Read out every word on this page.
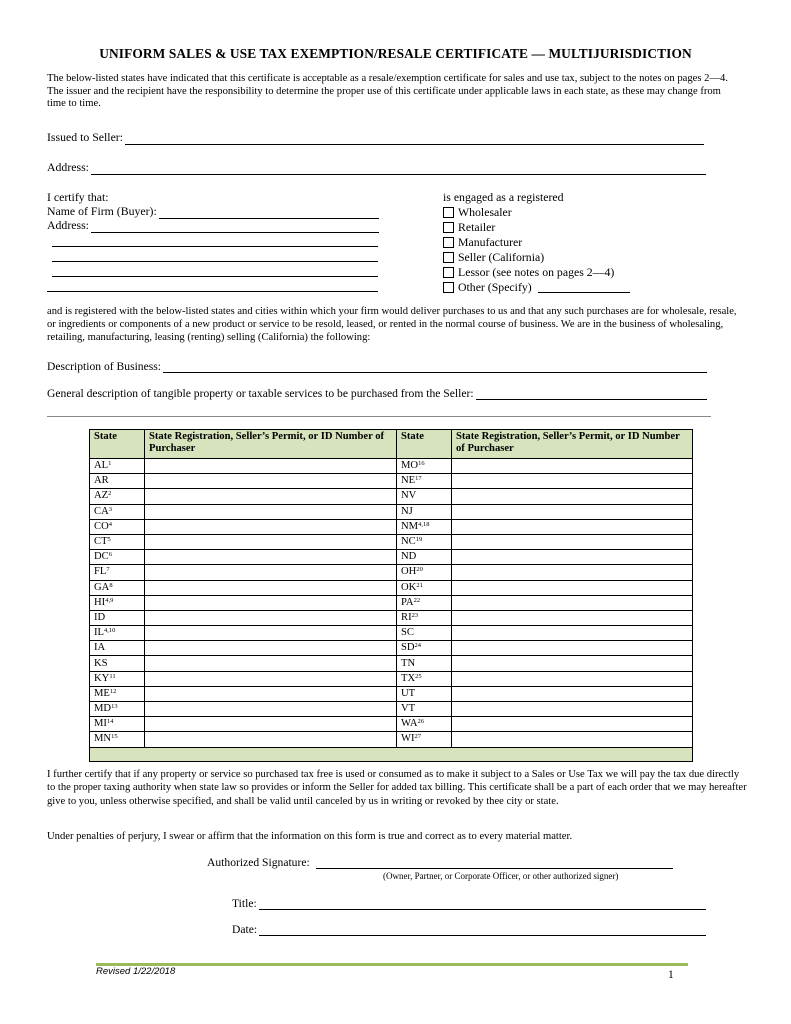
UNIFORM SALES & USE TAX EXEMPTION/RESALE CERTIFICATE — MULTIJURISDICTION
The below-listed states have indicated that this certificate is acceptable as a resale/exemption certificate for sales and use tax, subject to the notes on pages 2—4. The issuer and the recipient have the responsibility to determine the proper use of this certificate under applicable laws in each state, as these may change from time to time.
Issued to Seller:
Address:
I certify that:
Name of Firm (Buyer):
Address:
is engaged as a registered
Wholesaler
Retailer
Manufacturer
Seller (California)
Lessor (see notes on pages 2—4)
Other (Specify)
and is registered with the below-listed states and cities within which your firm would deliver purchases to us and that any such purchases are for wholesale, resale, or ingredients or components of a new product or service to be resold, leased, or rented in the normal course of business. We are in the business of wholesaling, retailing, manufacturing, leasing (renting) selling (California) the following:
Description of Business:
General description of tangible property or taxable services to be purchased from the Seller:
State	State Registration, Seller’s Permit, or ID Number of Purchaser	State	State Registration, Seller’s Permit, or ID Number of Purchaser
$AL^1$		MO$^{16}$	
AR		NE$^{17}$	
$AZ^2$		NV	
$CA^3$		NJ	
$CO^4$		NM$^{4,18}$	
$CT^5$		NC$^{19}$	
$DC^6$		ND	
$FL^7$		OH$^{20}$	
$GA^8$		OK$^{21}$	
HI$^{4,9}$		PA$^{22}$	
ID		RI$^{23}$	
IL$^{4,10}$		SC	
IA		SD$^{24}$	
KS		TN	
KY$^{11}$		TX$^{25}$	
ME$^{12}$		UT	
MD$^{13}$		VT	
MI$^{14}$		WA$^{26}$	
MN$^{15}$		WI$^{27}$	

I further certify that if any property or service so purchased tax free is used or consumed as to make it subject to a Sales or Use Tax we will pay the tax due directly to the proper taxing authority when state law so provides or inform the Seller for added tax billing. This certificate shall be a part of each order that we may hereafter give to you, unless otherwise specified, and shall be valid until canceled by us in writing or revoked by thee city or state.
Under penalties of perjury, I swear or affirm that the information on this form is true and correct as to every material matter.
Authorized Signature:
(Owner, Partner, or Corporate Officer, or other authorized signer)
Title:
Date:
Revised 1/22/2018	1
